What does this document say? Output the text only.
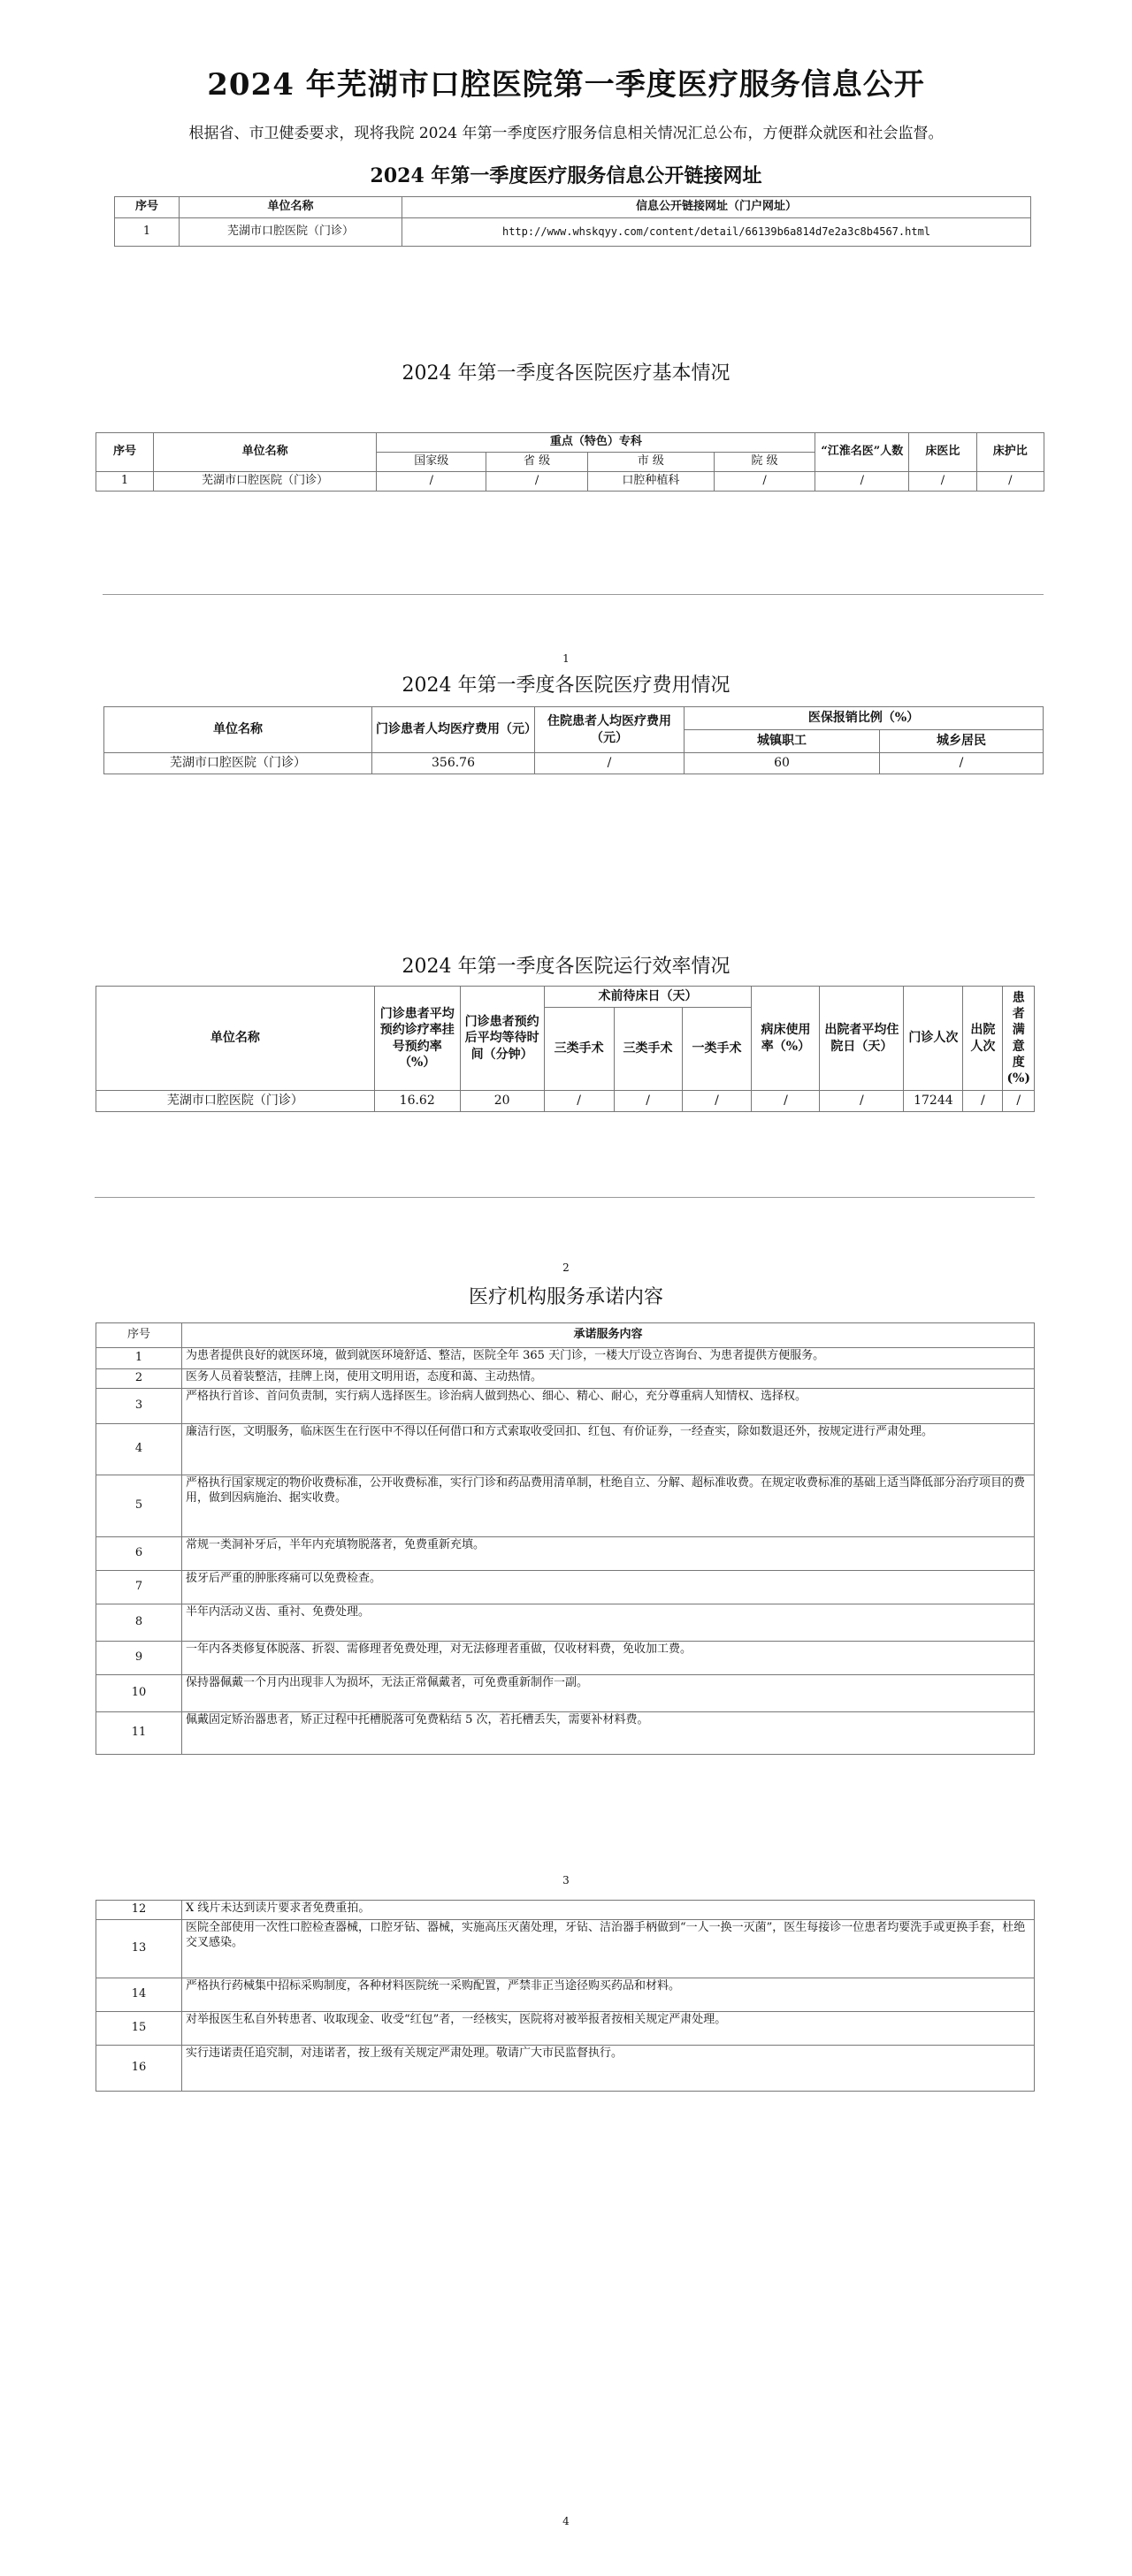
2024 年芜湖市口腔医院第一季度医疗服务信息公开
根据省、市卫健委要求，现将我院 2024 年第一季度医疗服务信息相关情况汇总公布，方便群众就医和社会监督。
2024 年第一季度医疗服务信息公开链接网址
序号	单位名称	信息公开链接网址（门户网址）
1	芜湖市口腔医院（门诊）	http://www.whskqyy.com/content/detail/66139b6a814d7e2a3c8b4567.html
2024 年第一季度各医院医疗基本情况
序号	单位名称	重点（特色）专科				“江淮名医”人数	床医比	床护比
		国家级	省 级	市 级	院 级			
1	芜湖市口腔医院（门诊）	/	/	口腔种植科	/	/	/	/
1
2024 年第一季度各医院医疗费用情况
单位名称	门诊患者人均医疗费用（元）	住院患者人均医疗费用（元）	医保报销比例（%）	
			城镇职工	城乡居民
芜湖市口腔医院（门诊）	356.76	/	60	/
2024 年第一季度各医院运行效率情况
单位名称	门诊患者平均预约诊疗率挂号预约率（%）	门诊患者预约后平均等待时间（分钟）	术前待床日（天）			病床使用率（%）	出院者平均住院日（天）	门诊人次	出院人次	患者满意度(%)
			三类手术	三类手术	一类手术					
芜湖市口腔医院（门诊）	16.62	20	/	/	/	/	/	17244	/	/
2
医疗机构服务承诺内容
序号	承诺服务内容
1	为患者提供良好的就医环境，做到就医环境舒适、整洁，医院全年 365 天门诊，一楼大厅设立咨询台、为患者提供方便服务。
2	医务人员着装整洁，挂牌上岗，使用文明用语，态度和蔼、主动热情。
3	严格执行首诊、首问负责制，实行病人选择医生。诊治病人做到热心、细心、精心、耐心，充分尊重病人知情权、选择权。
4	廉洁行医，文明服务，临床医生在行医中不得以任何借口和方式索取收受回扣、红包、有价证券，一经查实，除如数退还外，按规定进行严肃处理。
5	严格执行国家规定的物价收费标准，公开收费标准，实行门诊和药品费用清单制，杜绝自立、分解、超标准收费。在规定收费标准的基础上适当降低部分治疗项目的费用，做到因病施治、据实收费。
6	常规一类洞补牙后，半年内充填物脱落者，免费重新充填。
7	拔牙后严重的肿胀疼痛可以免费检查。
8	半年内活动义齿、重衬、免费处理。
9	一年内各类修复体脱落、折裂、需修理者免费处理，对无法修理者重做，仅收材料费，免收加工费。
10	保持器佩戴一个月内出现非人为损坏，无法正常佩戴者，可免费重新制作一副。
11	佩戴固定矫治器患者，矫正过程中托槽脱落可免费粘结 5 次，若托槽丢失，需要补材料费。
3
12	X 线片未达到读片要求者免费重拍。
13	医院全部使用一次性口腔检查器械，口腔牙钻、器械，实施高压灭菌处理，牙钻、洁治器手柄做到“一人一换一灭菌”，医生每接诊一位患者均要洗手或更换手套，杜绝交叉感染。
14	严格执行药械集中招标采购制度，各种材料医院统一采购配置，严禁非正当途径购买药品和材料。
15	对举报医生私自外转患者、收取现金、收受“红包”者，一经核实，医院将对被举报者按相关规定严肃处理。
16	实行违诺责任追究制，对违诺者，按上级有关规定严肃处理。敬请广大市民监督执行。
4
